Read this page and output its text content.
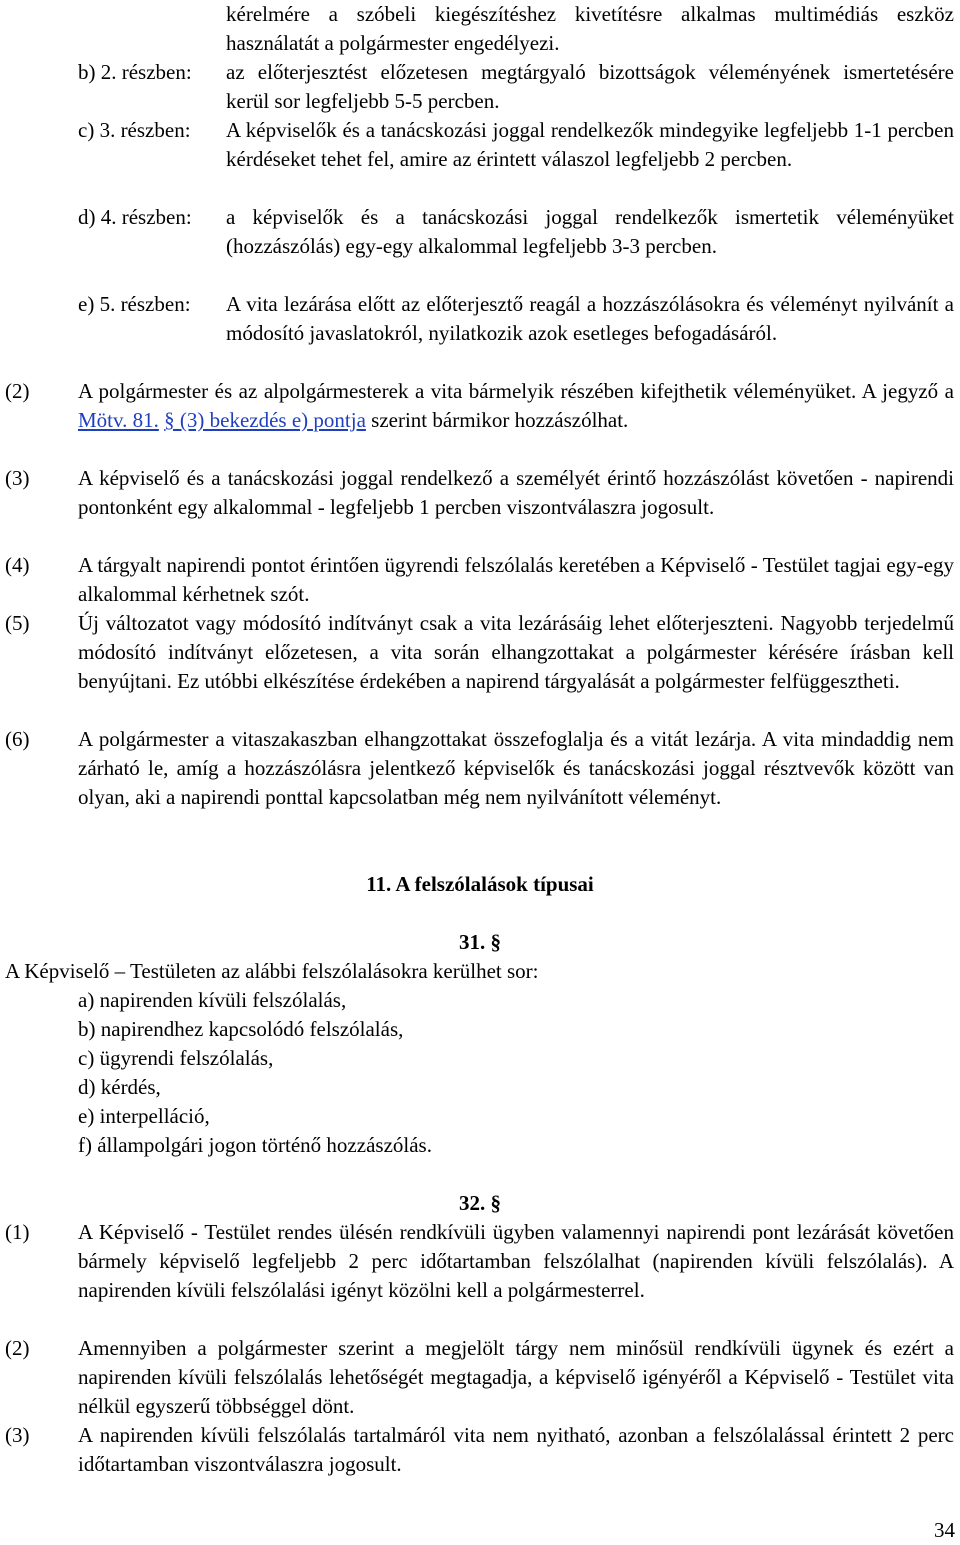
kérelmére a szóbeli kiegészítéshez kivetítésre alkalmas multimédiás eszköz használatát a polgármester engedélyezi.
b) 2. részben:	az előterjesztést előzetesen megtárgyaló bizottságok véleményének ismertetésére kerül sor legfeljebb 5-5 percben.
c) 3. részben:	A képviselők és a tanácskozási joggal rendelkezők mindegyike legfeljebb 1-1 percben kérdéseket tehet fel, amire az érintett válaszol legfeljebb 2 percben.
d) 4. részben:	a képviselők és a tanácskozási joggal rendelkezők ismertetik véleményüket (hozzászólás) egy-egy alkalommal legfeljebb 3-3 percben.
e) 5. részben:	A vita lezárása előtt az előterjesztő reagál a hozzászólásokra és véleményt nyilvánít a módosító javaslatokról, nyilatkozik azok esetleges befogadásáról.
(2)	A polgármester és az alpolgármesterek a vita bármelyik részében kifejthetik véleményüket. A jegyző a Mötv. 81. § (3) bekezdés e) pontja szerint bármikor hozzászólhat.
(3)	A képviselő és a tanácskozási joggal rendelkező a személyét érintő hozzászólást követően - napirendi pontonként egy alkalommal - legfeljebb 1 percben viszontválaszra jogosult.
(4)	A tárgyalt napirendi pontot érintően ügyrendi felszólalás keretében a Képviselő - Testület tagjai egy-egy alkalommal kérhetnek szót.
(5)	Új változatot vagy módosító indítványt csak a vita lezárásáig lehet előterjeszteni. Nagyobb terjedelmű módosító indítványt előzetesen, a vita során elhangzottakat a polgármester kérésére írásban kell benyújtani. Ez utóbbi elkészítése érdekében a napirend tárgyalását a polgármester felfüggesztheti.
(6)	A polgármester a vitaszakaszban elhangzottakat összefoglalja és a vitát lezárja. A vita mindaddig nem zárható le, amíg a hozzászólásra jelentkező képviselők és tanácskozási joggal résztvevők között van olyan, aki a napirendi ponttal kapcsolatban még nem nyilvánított véleményt.
11. A felszólalások típusai
31. §
A Képviselő – Testületen az alábbi felszólalásokra kerülhet sor:
a) napirenden kívüli felszólalás,
b) napirendhez kapcsolódó felszólalás,
c) ügyrendi felszólalás,
d) kérdés,
e) interpelláció,
f) állampolgári jogon történő hozzászólás.
32. §
(1)	A Képviselő - Testület rendes ülésén rendkívüli ügyben valamennyi napirendi pont lezárását követően bármely képviselő legfeljebb 2 perc időtartamban felszólalhat (napirenden kívüli felszólalás). A napirenden kívüli felszólalási igényt közölni kell a polgármesterrel.
(2)	Amennyiben a polgármester szerint a megjelölt tárgy nem minősül rendkívüli ügynek és ezért a napirenden kívüli felszólalás lehetőségét megtagadja, a képviselő igényéről a Képviselő - Testület vita nélkül egyszerű többséggel dönt.
(3)	A napirenden kívüli felszólalás tartalmáról vita nem nyitható, azonban a felszólalással érintett 2 perc időtartamban viszontválaszra jogosult.
34
